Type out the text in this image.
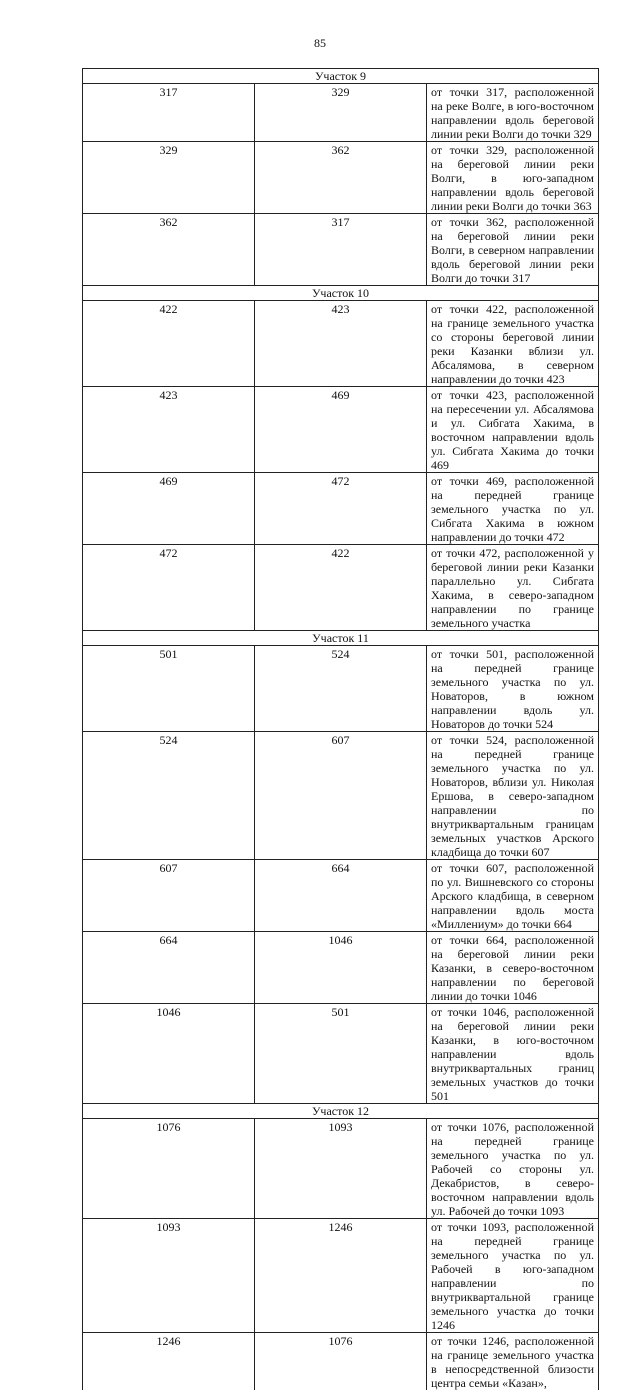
85
Участок 9		
317	329	от точки 317, расположенной на реке Волге, в юго-восточном направлении вдоль береговой линии реки Волги до точки 329
329	362	от точки 329, расположенной на береговой линии реки Волги, в юго-западном направлении вдоль береговой линии реки Волги до точки 363
362	317	от точки 362, расположенной на береговой линии реки Волги, в северном направлении вдоль береговой линии реки Волги до точки 317
Участок 10		
422	423	от точки 422, расположенной на границе земельного участка со стороны береговой линии реки Казанки вблизи ул. Абсалямова, в северном направлении до точки 423
423	469	от точки 423, расположенной на пересечении ул. Абсалямова и ул. Сибгата Хакима, в восточном направлении вдоль ул. Сибгата Хакима до точки 469
469	472	от точки 469, расположенной на передней границе земельного участка по ул. Сибгата Хакима в южном направлении до точки 472
472	422	от точки 472, расположенной у береговой линии реки Казанки параллельно ул. Сибгата Хакима, в северо-западном направлении по границе земельного участка
Участок 11		
501	524	от точки 501, расположенной на передней границе земельного участка по ул. Новаторов, в южном направлении вдоль ул. Новаторов до точки 524
524	607	от точки 524, расположенной на передней границе земельного участка по ул. Новаторов, вблизи ул. Николая Ершова, в северо-западном направлении по внутриквартальным границам земельных участков Арского кладбища до точки 607
607	664	от точки 607, расположенной по ул. Вишневского со стороны Арского кладбища, в северном направлении вдоль моста «Миллениум» до точки 664
664	1046	от точки 664, расположенной на береговой линии реки Казанки, в северо-восточном направлении по береговой линии до точки 1046
1046	501	от точки 1046, расположенной на береговой линии реки Казанки, в юго-восточном направлении вдоль внутриквартальных границ земельных участков до точки 501
Участок 12		
1076	1093	от точки 1076, расположенной на передней границе земельного участка по ул. Рабочей со стороны ул. Декабристов, в северо-восточном направлении вдоль ул. Рабочей до точки 1093
1093	1246	от точки 1093, расположенной на передней границе земельного участка по ул. Рабочей в юго-западном направлении по внутриквартальной границе земельного участка до точки 1246
1246	1076	от точки 1246, расположенной на границе земельного участка в непосредственной близости центра семьи «Казан»,
